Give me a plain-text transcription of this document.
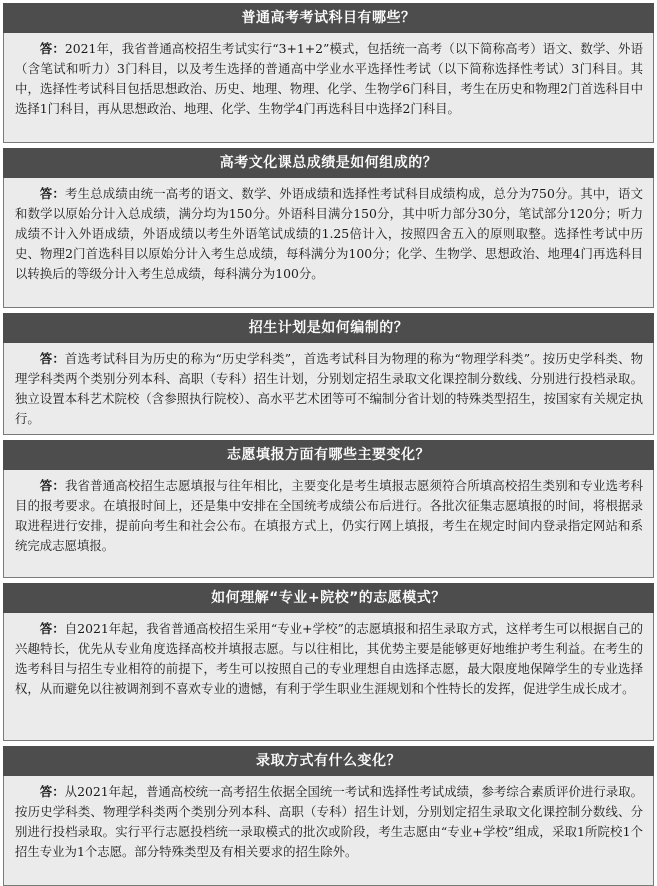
普通高考考试科目有哪些？
答：2021年，我省普通高校招生考试实行“3+1+2”模式，包括统一高考（以下简称高考）语文、数学、外语（含笔试和听力）3门科目，以及考生选择的普通高中学业水平选择性考试（以下简称选择性考试）3门科目。其中，选择性考试科目包括思想政治、历史、地理、物理、化学、生物学6门科目，考生在历史和物理2门首选科目中选择1门科目，再从思想政治、地理、化学、生物学4门再选科目中选择2门科目。
高考文化课总成绩是如何组成的？
答：考生总成绩由统一高考的语文、数学、外语成绩和选择性考试科目成绩构成，总分为750分。其中，语文和数学以原始分计入总成绩，满分均为150分。外语科目满分150分，其中听力部分30分，笔试部分120分；听力成绩不计入外语成绩，外语成绩以考生外语笔试成绩的1.25倍计入，按照四舍五入的原则取整。选择性考试中历史、物理2门首选科目以原始分计入考生总成绩，每科满分为100分；化学、生物学、思想政治、地理4门再选科目以转换后的等级分计入考生总成绩，每科满分为100分。
招生计划是如何编制的？
答：首选考试科目为历史的称为“历史学科类”，首选考试科目为物理的称为“物理学科类”。按历史学科类、物理学科类两个类别分列本科、高职（专科）招生计划，分别划定招生录取文化课控制分数线、分别进行投档录取。独立设置本科艺术院校（含参照执行院校）、高水平艺术团等可不编制分省计划的特殊类型招生，按国家有关规定执行。
志愿填报方面有哪些主要变化？
答：我省普通高校招生志愿填报与往年相比，主要变化是考生填报志愿须符合所填高校招生类别和专业选考科目的报考要求。在填报时间上，还是集中安排在全国统考成绩公布后进行。各批次征集志愿填报的时间，将根据录取进程进行安排，提前向考生和社会公布。在填报方式上，仍实行网上填报，考生在规定时间内登录指定网站和系统完成志愿填报。
如何理解“专业+院校”的志愿模式？
答：自2021年起，我省普通高校招生采用“专业+学校”的志愿填报和招生录取方式，这样考生可以根据自己的兴趣特长，优先从专业角度选择高校并填报志愿。与以往相比，其优势主要是能够更好地维护考生利益。在考生的选考科目与招生专业相符的前提下，考生可以按照自己的专业理想自由选择志愿，最大限度地保障学生的专业选择权，从而避免以往被调剂到不喜欢专业的遗憾，有利于学生职业生涯规划和个性特长的发挥，促进学生成长成才。
录取方式有什么变化？
答：从2021年起，普通高校统一高考招生依据全国统一考试和选择性考试成绩，参考综合素质评价进行录取。按历史学科类、物理学科类两个类别分列本科、高职（专科）招生计划，分别划定招生录取文化课控制分数线、分别进行投档录取。实行平行志愿投档统一录取模式的批次或阶段，考生志愿由“专业+学校”组成，采取1所院校1个招生专业为1个志愿。部分特殊类型及有相关要求的招生除外。
